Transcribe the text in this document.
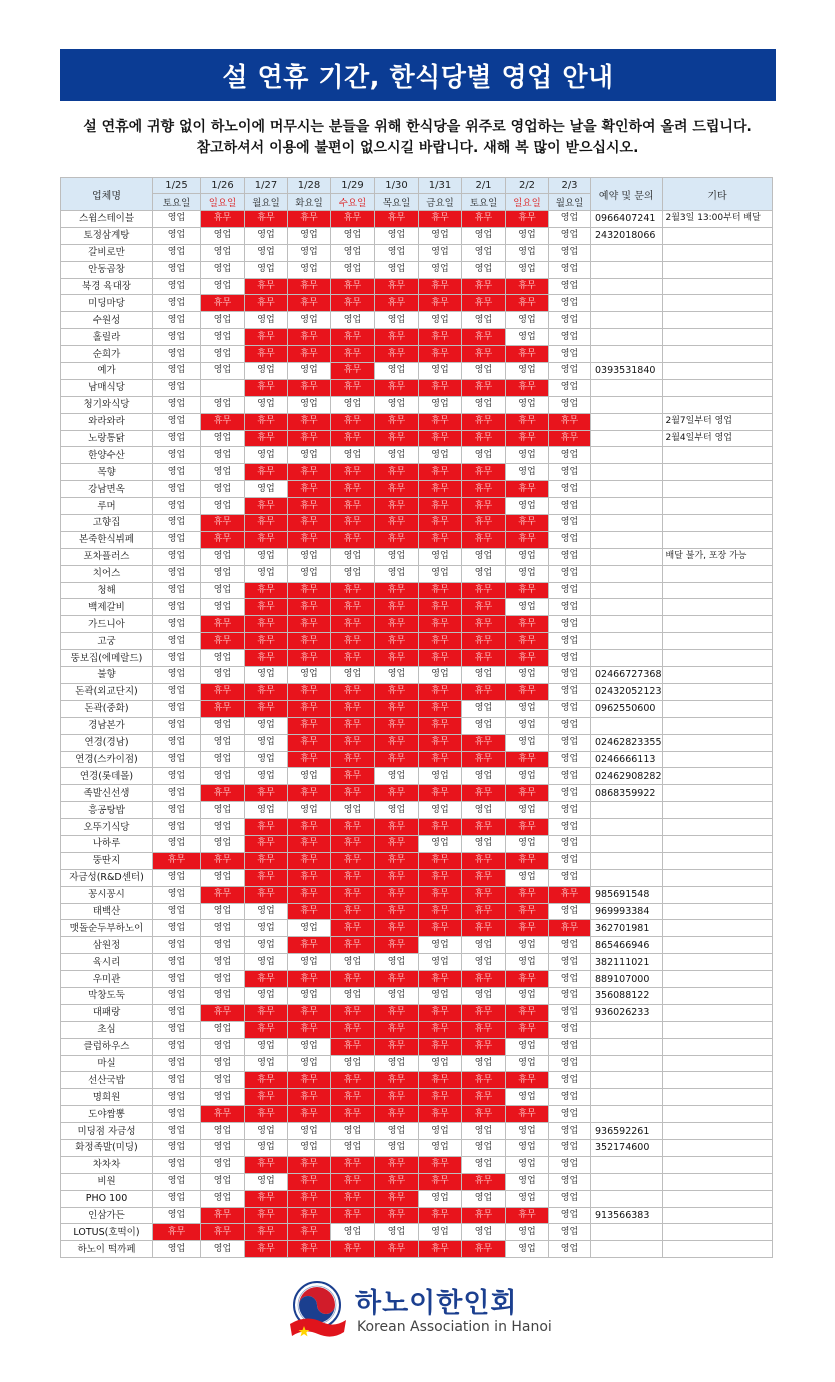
설 연휴 기간, 한식당별 영업 안내
설 연휴에 귀향 없이 하노이에 머무시는 분들을 위해 한식당을 위주로 영업하는 날을 확인하여 올려 드립니다.
참고하셔서 이용에 불편이 없으시길 바랍니다. 새해 복 많이 받으십시오.
업체명	1/25	1/26	1/27	1/28	1/29	1/30	1/31	2/1	2/2	2/3	예약 및 문의	기타
	토요일	일요일	월요일	화요일	수요일	목요일	금요일	토요일	일요일	월요일		
스윔스테이블	영업	휴무	휴무	휴무	휴무	휴무	휴무	휴무	휴무	영업	0966407241	2월3일 13:00부터 배달
토정삼계탕	영업	영업	영업	영업	영업	영업	영업	영업	영업	영업	2432018066	
갈비로만	영업	영업	영업	영업	영업	영업	영업	영업	영업	영업		
안동곱창	영업	영업	영업	영업	영업	영업	영업	영업	영업	영업		
북경 육대장	영업	영업	휴무	휴무	휴무	휴무	휴무	휴무	휴무	영업		
미딩마당	영업	휴무	휴무	휴무	휴무	휴무	휴무	휴무	휴무	영업		
수원성	영업	영업	영업	영업	영업	영업	영업	영업	영업	영업		
홀릴라	영업	영업	휴무	휴무	휴무	휴무	휴무	휴무	영업	영업		
순희가	영업	영업	휴무	휴무	휴무	휴무	휴무	휴무	휴무	영업		
예가	영업	영업	영업	영업	휴무	영업	영업	영업	영업	영업	0393531840	
남매식당	영업		휴무	휴무	휴무	휴무	휴무	휴무	휴무	영업		
청기와식당	영업	영업	영업	영업	영업	영업	영업	영업	영업	영업		
와라와라	영업	휴무	휴무	휴무	휴무	휴무	휴무	휴무	휴무	휴무		2월7일부터 영업
노랑통닭	영업	영업	휴무	휴무	휴무	휴무	휴무	휴무	휴무	휴무		2월4일부터 영업
한양수산	영업	영업	영업	영업	영업	영업	영업	영업	영업	영업		
목향	영업	영업	휴무	휴무	휴무	휴무	휴무	휴무	영업	영업		
강남면옥	영업	영업	영업	휴무	휴무	휴무	휴무	휴무	휴무	영업		
루머	영업	영업	휴무	휴무	휴무	휴무	휴무	휴무	영업	영업		
고향집	영업	휴무	휴무	휴무	휴무	휴무	휴무	휴무	휴무	영업		
본죽한식뷔페	영업	휴무	휴무	휴무	휴무	휴무	휴무	휴무	휴무	영업		
포차플러스	영업	영업	영업	영업	영업	영업	영업	영업	영업	영업		배달 불가, 포장 가능
치어스	영업	영업	영업	영업	영업	영업	영업	영업	영업	영업		
청해	영업	영업	휴무	휴무	휴무	휴무	휴무	휴무	휴무	영업		
백제갈비	영업	영업	휴무	휴무	휴무	휴무	휴무	휴무	영업	영업		
가드니아	영업	휴무	휴무	휴무	휴무	휴무	휴무	휴무	휴무	영업		
고궁	영업	휴무	휴무	휴무	휴무	휴무	휴무	휴무	휴무	영업		
뚱보집(에메랄드)	영업	영업	휴무	휴무	휴무	휴무	휴무	휴무	휴무	영업		
불향	영업	영업	영업	영업	영업	영업	영업	영업	영업	영업	02466727368	
돈곽(외교단지)	영업	휴무	휴무	휴무	휴무	휴무	휴무	휴무	휴무	영업	02432052123	
돈곽(중화)	영업	휴무	휴무	휴무	휴무	휴무	휴무	영업	영업	영업	0962550600	
경남본가	영업	영업	영업	휴무	휴무	휴무	휴무	영업	영업	영업		
연경(경남)	영업	영업	영업	휴무	휴무	휴무	휴무	휴무	영업	영업	02462823355	
연경(스카이점)	영업	영업	영업	휴무	휴무	휴무	휴무	휴무	휴무	영업	0246666113	
연경(롯데몰)	영업	영업	영업	영업	휴무	영업	영업	영업	영업	영업	02462908282	
족발신선생	영업	휴무	휴무	휴무	휴무	휴무	휴무	휴무	휴무	영업	0868359922	
흥공탕밥	영업	영업	영업	영업	영업	영업	영업	영업	영업	영업		
오뚜기식당	영업	영업	휴무	휴무	휴무	휴무	휴무	휴무	휴무	영업		
나하루	영업	영업	휴무	휴무	휴무	휴무	영업	영업	영업	영업		
뚱딴지	휴무	휴무	휴무	휴무	휴무	휴무	휴무	휴무	휴무	영업		
자금성(R&D센터)	영업	영업	휴무	휴무	휴무	휴무	휴무	휴무	영업	영업		
꽁시꽁시	영업	휴무	휴무	휴무	휴무	휴무	휴무	휴무	휴무	휴무	985691548	
태백산	영업	영업	영업	휴무	휴무	휴무	휴무	휴무	휴무	영업	969993384	
맷돌순두부하노이	영업	영업	영업	영업	휴무	휴무	휴무	휴무	휴무	휴무	362701981	
삼원정	영업	영업	영업	휴무	휴무	휴무	영업	영업	영업	영업	865466946	
육시리	영업	영업	영업	영업	영업	영업	영업	영업	영업	영업	382111021	
우미관	영업	영업	휴무	휴무	휴무	휴무	휴무	휴무	휴무	영업	889107000	
막창도둑	영업	영업	영업	영업	영업	영업	영업	영업	영업	영업	356088122	
대패랑	영업	휴무	휴무	휴무	휴무	휴무	휴무	휴무	휴무	영업	936026233	
초심	영업	영업	휴무	휴무	휴무	휴무	휴무	휴무	휴무	영업		
클럽하우스	영업	영업	영업	영업	휴무	휴무	휴무	휴무	영업	영업		
마실	영업	영업	영업	영업	영업	영업	영업	영업	영업	영업		
선산국밥	영업	영업	휴무	휴무	휴무	휴무	휴무	휴무	휴무	영업		
명희원	영업	영업	휴무	휴무	휴무	휴무	휴무	휴무	영업	영업		
도야짬뽕	영업	휴무	휴무	휴무	휴무	휴무	휴무	휴무	휴무	영업		
미딩점 자금성	영업	영업	영업	영업	영업	영업	영업	영업	영업	영업	936592261	
화정족발(미딩)	영업	영업	영업	영업	영업	영업	영업	영업	영업	영업	352174600	
차차차	영업	영업	휴무	휴무	휴무	휴무	휴무	영업	영업	영업		
비원	영업	영업	영업	휴무	휴무	휴무	휴무	휴무	영업	영업		
PHO 100	영업	영업	휴무	휴무	휴무	휴무	영업	영업	영업	영업		
인삼가든	영업	휴무	휴무	휴무	휴무	휴무	휴무	휴무	휴무	영업	913566383	
LOTUS(호떡이)	휴무	휴무	휴무	휴무	영업	영업	영업	영업	영업	영업		
하노이 떡까페	영업	영업	휴무	휴무	휴무	휴무	휴무	휴무	영업	영업		
하노이한인회
Korean Association in Hanoi
